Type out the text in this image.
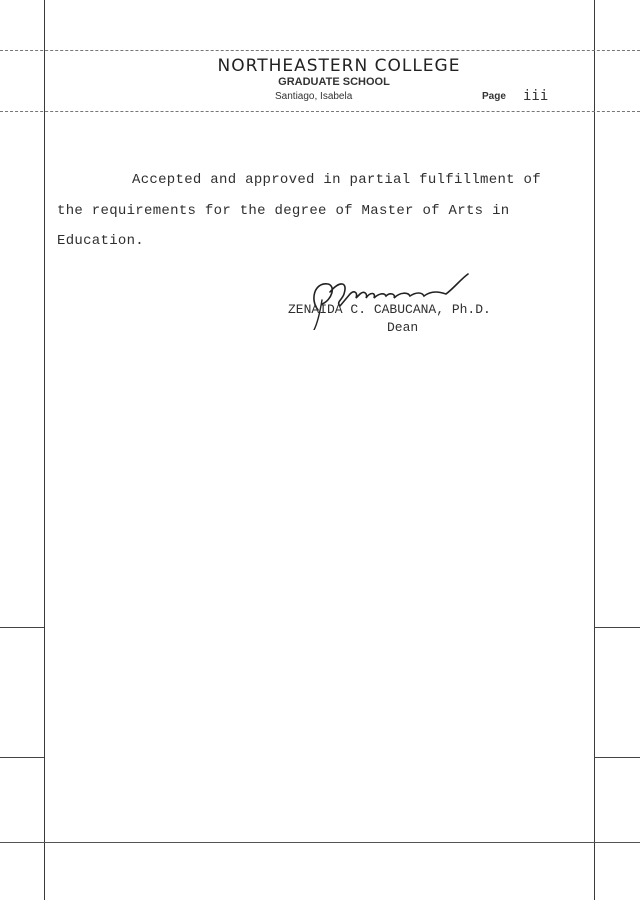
NORTHEASTERN COLLEGE
GRADUATE SCHOOL
Santiago, Isabela	Page iii
Accepted and approved in partial fulfillment of
the requirements for the degree of Master of Arts in
Education.
ZENAIDA C. CABUCANA, Ph.D.
Dean
